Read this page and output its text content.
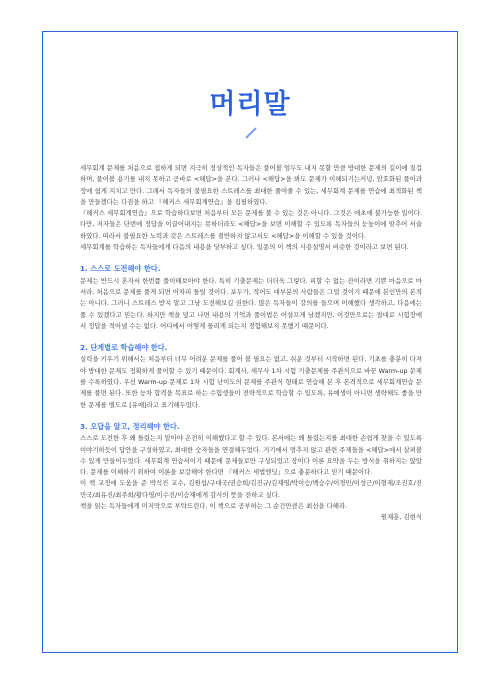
머리말

세무회계 문제를 처음으로 접하게 되면 지극히 정상적인 독자들은 풀어볼 엄두도 내지 못할 만큼 방대한 문제의 길이에 질겁하며, 풀어볼 용기를 내지 못하고 곧바로 <해답>을 본다. 그러나 <해답>을 봐도 문제가 이해되기는커녕, 암호화된 풀이과정에 쉽게 지치고 만다. 그래서 독자들의 불필요한 스트레스를 최대한 줄여줄 수 있는, 세무회계 문제를 연습에 최적화된 책을 만들겠다는 다짐을 하고 『해커스 세무회계연습』을 집필하였다.

『해커스 세무회계연습』으로 학습하다보면 처음부터 모든 문제를 풀 수 있는 것은 아니다. 그것은 애초에 불가능한 일이다. 다만, 저자들은 단번에 정답을 이끌어내지는 못하더라도 <해답>을 보면 이해할 수 있도록 독자들의 눈높이에 맞추어 서술하였다. 따라서 불필요한 노력과 갖은 스트레스를 절반하지 않고서도 <해답>을 이해할 수 있을 것이다.

세무회계를 학습하는 독자들에게 다음의 내용을 당부하고 싶다. 일종의 이 책의 사용설명서 비슷한 것이라고 보면 된다.

1. 스스로 도전해야 한다.

문제는 반드시 혼자서 한번쯤 풀이해보아야 한다. 특히 기출문제는 더더욱 그렇다. 피할 수 없는 잔이라면 기쁜 마음으로 마셔라. 처음으로 문제를 풀게 되면 어차피 틀릴 것이다. 포두가, 적어도 대부분의 사람들은 그럴 것이기 때문에 본인만의 본적는 아니다. 그러니 스트레스 받지 말고 그냥 도전해보길 권한다. 많은 독자들이 강의를 들으며 이해했다 생각하고, 다음에는 풀 수 있겠다고 믿는다. 하지만 책을 덮고 나면 내용의 기억과 풀이법은 어설프게 남겠지만, 이것만으로는 절대로 시험장에서 정답을 적어낼 수는 없다. 어디에서 어떻게 틀리게 되는지 경험해보지 못했기 때문이다.

2. 단계별로 학습해야 한다.

실력을 키우기 위해서는 처음부터 너무 어려운 문제를 풀어 볼 필요는 없고, 쉬운 것부터 시작하면 된다. 기초를 충분히 다져야 방대한 문제도 정확하게 풀어할 수 있기 때문이다. 회계사, 세무사 1차 시험 기출문제를 주관식으로 바꾼 Warm-up 문제를 수록하였다. 우선 Warm-up 문제로 1차 시험 난이도의 문제를 주관식 형태로 연습해 본 후 본격적으로 세무회계연습 문제를 풀면 된다. 또한 능차 합격을 목표로 하는 수험생들이 전략적으로 학습할 수 있도록, 유예생이 아니면 생략해도 좋을 만한 문제를 별도로 [유예]라고 표기해두었다.

3. 오답을 알고, 정리해야 한다.

스스로 도전한 후 왜 틀렸는지 알아야 온전히 이해했다고 할 수 있다. 본서에는 왜 틀렸는지를 최대한 손쉽게 찾을 수 있도록 이야기하듯이 답안을 구성하였고, 최대한 숫자들을 연결해두었다. 거기에서 멈추지 않고 관련 주제들을 <해답>에서 살펴볼 수 있게 만들어두었다. 세무회계 연습서이기 때문에 문제들로만 구성되었고 장이다 이론 요약을 두는 방식을 취하지는 않았다. 문제를 이해하기 위하여 이론을 보강해야 한다면 『해커스 세법엔딩』으로 충분하다고 믿기 때문이다.

이 책 교정에 도움을 준 박석진 교수, 김원섭/구대국/권승희/김진규/김재영/박이승/백승수/이경민/이성근/이형재/조진호/진민국/최유진/최주희/황다영/이수진/이승재에게 감사의 뜻을 전하고 싶다.

책을 읽는 독자들에게 미지막으로 부탁드린다. 이 책으로 공부하는 그 순간만큼은 최선을 다해라.

원재훈, 김현식
